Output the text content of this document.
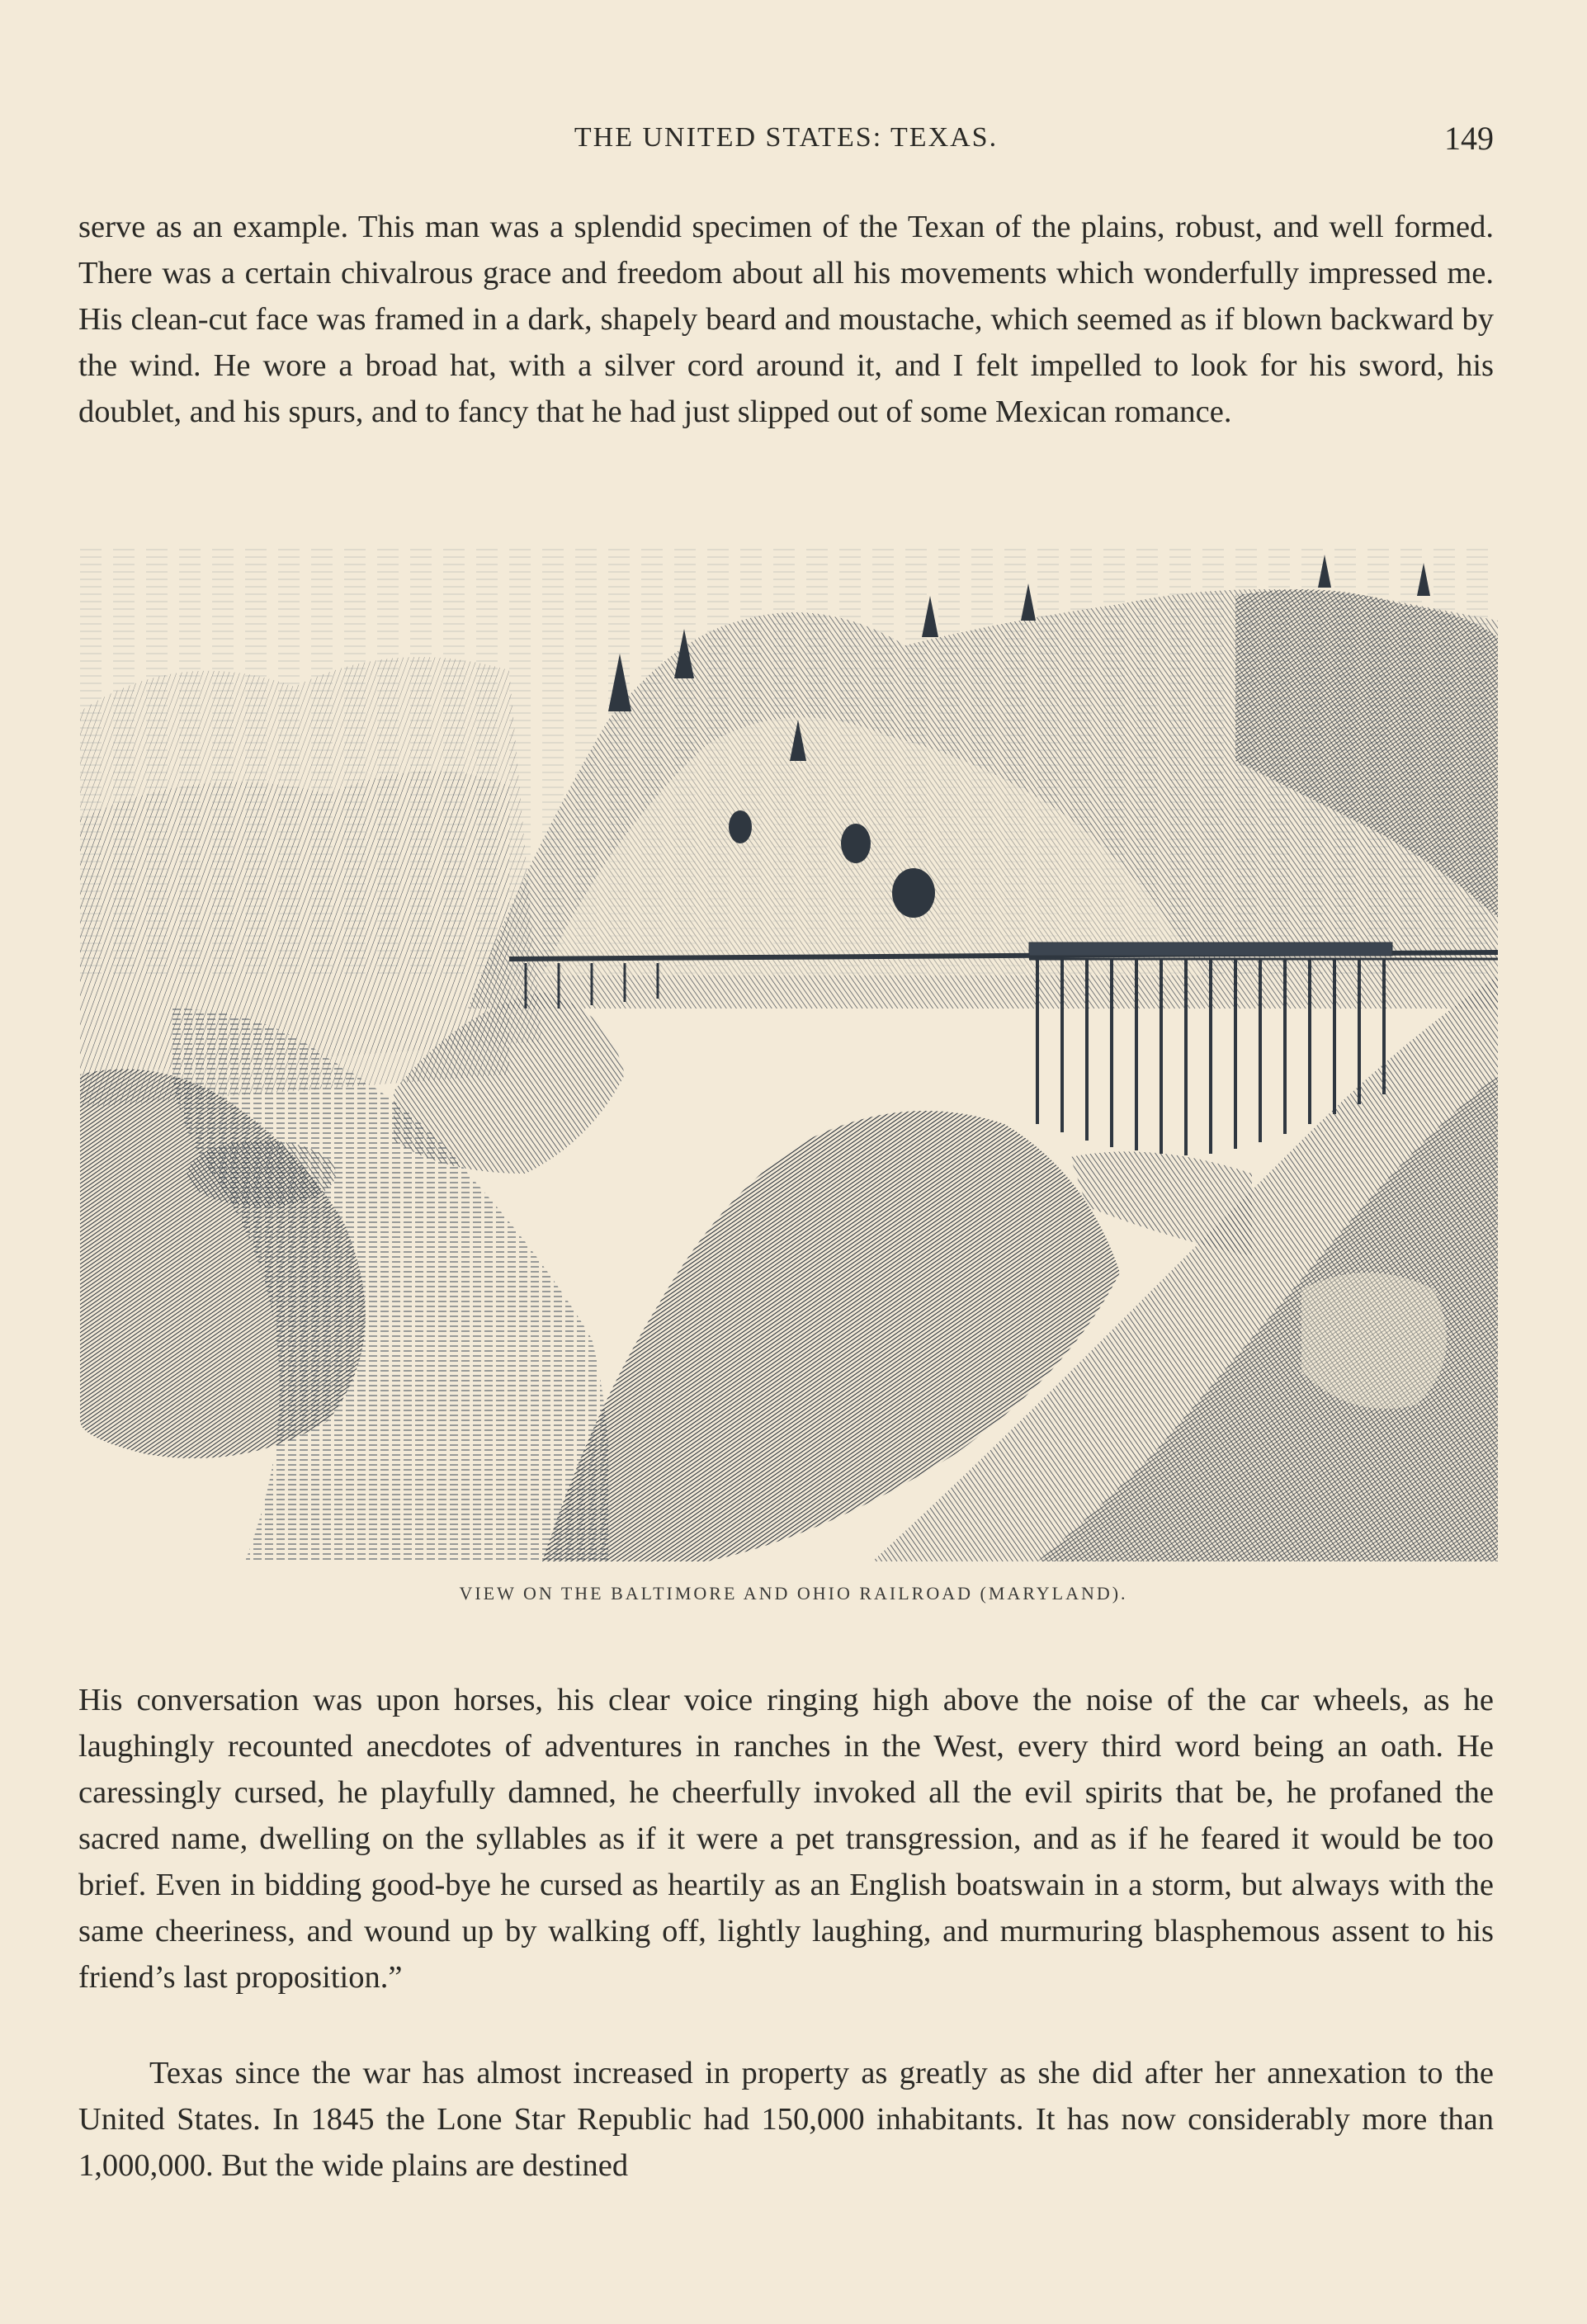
THE UNITED STATES: TEXAS.	149

serve as an example. This man was a splendid specimen of the Texan of the plains, robust, and well formed. There was a certain chivalrous grace and freedom about all his movements which wonderfully impressed me. His clean-cut face was framed in a dark, shapely beard and moustache, which seemed as if blown backward by the wind. He wore a broad hat, with a silver cord around it, and I felt impelled to look for his sword, his doublet, and his spurs, and to fancy that he had just slipped out of some Mexican romance.

VIEW ON THE BALTIMORE AND OHIO RAILROAD (MARYLAND).

His conversation was upon horses, his clear voice ringing high above the noise of the car wheels, as he laughingly recounted anecdotes of adventures in ranches in the West, every third word being an oath. He caressingly cursed, he playfully damned, he cheerfully invoked all the evil spirits that be, he profaned the sacred name, dwelling on the syllables as if it were a pet transgression, and as if he feared it would be too brief. Even in bidding good-bye he cursed as heartily as an English boatswain in a storm, but always with the same cheeriness, and wound up by walking off, lightly laughing, and murmuring blasphemous assent to his friend’s last proposition.”

Texas since the war has almost increased in property as greatly as she did after her annexation to the United States. In 1845 the Lone Star Republic had 150,000 inhabitants. It has now considerably more than 1,000,000. But the wide plains are destined
